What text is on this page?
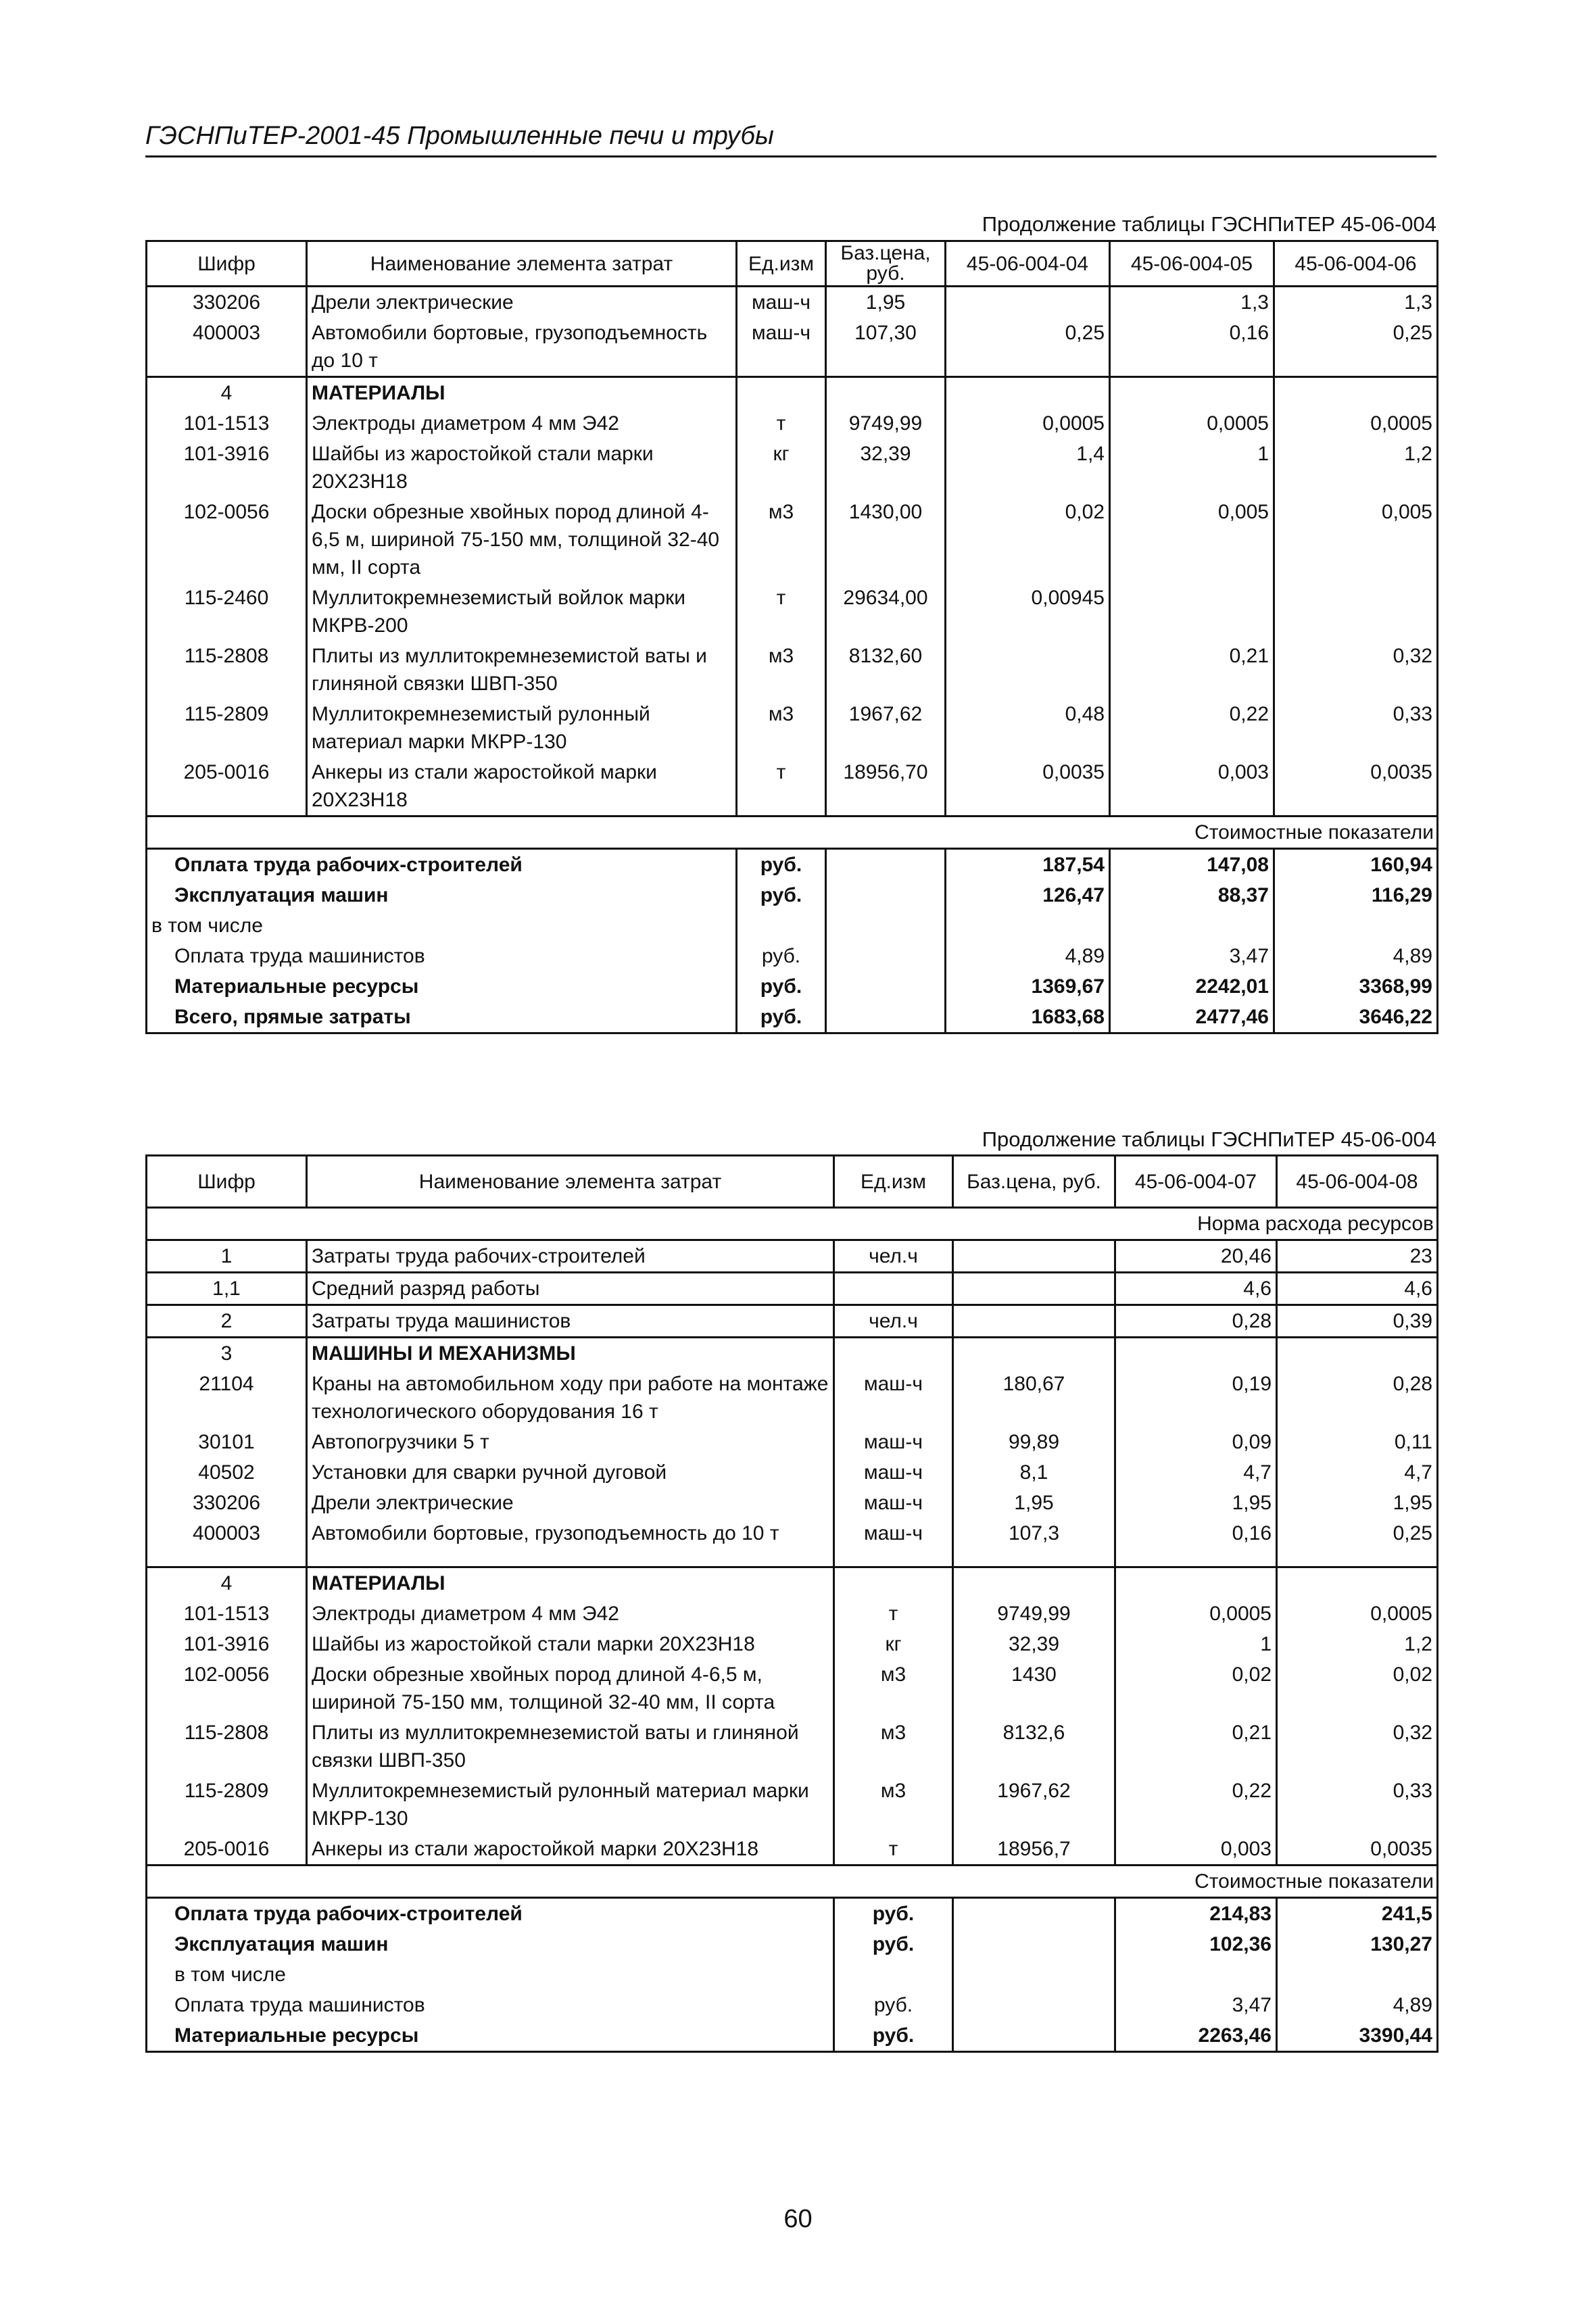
ГЭСНПиТЕР-2001-45 Промышленные печи и трубы
Продолжение таблицы ГЭСНПиТЕР 45-06-004
Шифр	Наименование элемента затрат	Ед.изм	Баз.цена, руб.	45-06-004-04	45-06-004-05	45-06-004-06
330206	Дрели электрические	маш-ч	1,95		1,3	1,3
400003	Автомобили бортовые, грузоподъемность до 10 т	маш-ч	107,30	0,25	0,16	0,25
4	МАТЕРИАЛЫ					
101-1513	Электроды диаметром 4 мм Э42	т	9749,99	0,0005	0,0005	0,0005
101-3916	Шайбы из жаростойкой стали марки 20Х23Н18	кг	32,39	1,4	1	1,2
102-0056	Доски обрезные хвойных пород длиной 4-6,5 м, шириной 75-150 мм, толщиной 32-40 мм, II сорта	м3	1430,00	0,02	0,005	0,005
115-2460	Муллитокремнеземистый войлок марки МКРВ-200	т	29634,00	0,00945		
115-2808	Плиты из муллитокремнеземистой ваты и глиняной связки ШВП-350	м3	8132,60		0,21	0,32
115-2809	Муллитокремнеземистый рулонный материал марки МКРР-130	м3	1967,62	0,48	0,22	0,33
205-0016	Анкеры из стали жаростойкой марки 20Х23Н18	т	18956,70	0,0035	0,003	0,0035
Стоимостные показатели						
Оплата труда рабочих-строителей		руб.		187,54	147,08	160,94
Эксплуатация машин		руб.		126,47	88,37	116,29
в том числе						
Оплата труда машинистов		руб.		4,89	3,47	4,89
Материальные ресурсы		руб.		1369,67	2242,01	3368,99
Всего, прямые затраты		руб.		1683,68	2477,46	3646,22
Продолжение таблицы ГЭСНПиТЕР 45-06-004
Шифр	Наименование элемента затрат	Ед.изм	Баз.цена, руб.	45-06-004-07	45-06-004-08
Норма расхода ресурсов					
1	Затраты труда рабочих-строителей	чел.ч		20,46	23
1,1	Средний разряд работы			4,6	4,6
2	Затраты труда машинистов	чел.ч		0,28	0,39
3	МАШИНЫ И МЕХАНИЗМЫ				
21104	Краны на автомобильном ходу при работе на монтаже технологического оборудования 16 т	маш-ч	180,67	0,19	0,28
30101	Автопогрузчики 5 т	маш-ч	99,89	0,09	0,11
40502	Установки для сварки ручной дуговой	маш-ч	8,1	4,7	4,7
330206	Дрели электрические	маш-ч	1,95	1,95	1,95
400003	Автомобили бортовые, грузоподъемность до 10 т	маш-ч	107,3	0,16	0,25

4	МАТЕРИАЛЫ				
101-1513	Электроды диаметром 4 мм Э42	т	9749,99	0,0005	0,0005
101-3916	Шайбы из жаростойкой стали марки 20Х23Н18	кг	32,39	1	1,2
102-0056	Доски обрезные хвойных пород длиной 4-6,5 м, шириной 75-150 мм, толщиной 32-40 мм, II сорта	м3	1430	0,02	0,02
115-2808	Плиты из муллитокремнеземистой ваты и глиняной связки ШВП-350	м3	8132,6	0,21	0,32
115-2809	Муллитокремнеземистый рулонный материал марки МКРР-130	м3	1967,62	0,22	0,33
205-0016	Анкеры из стали жаростойкой марки 20Х23Н18	т	18956,7	0,003	0,0035
Стоимостные показатели					
Оплата труда рабочих-строителей		руб.		214,83	241,5
Эксплуатация машин		руб.		102,36	130,27
в том числе					
Оплата труда машинистов		руб.		3,47	4,89
Материальные ресурсы		руб.		2263,46	3390,44
60
